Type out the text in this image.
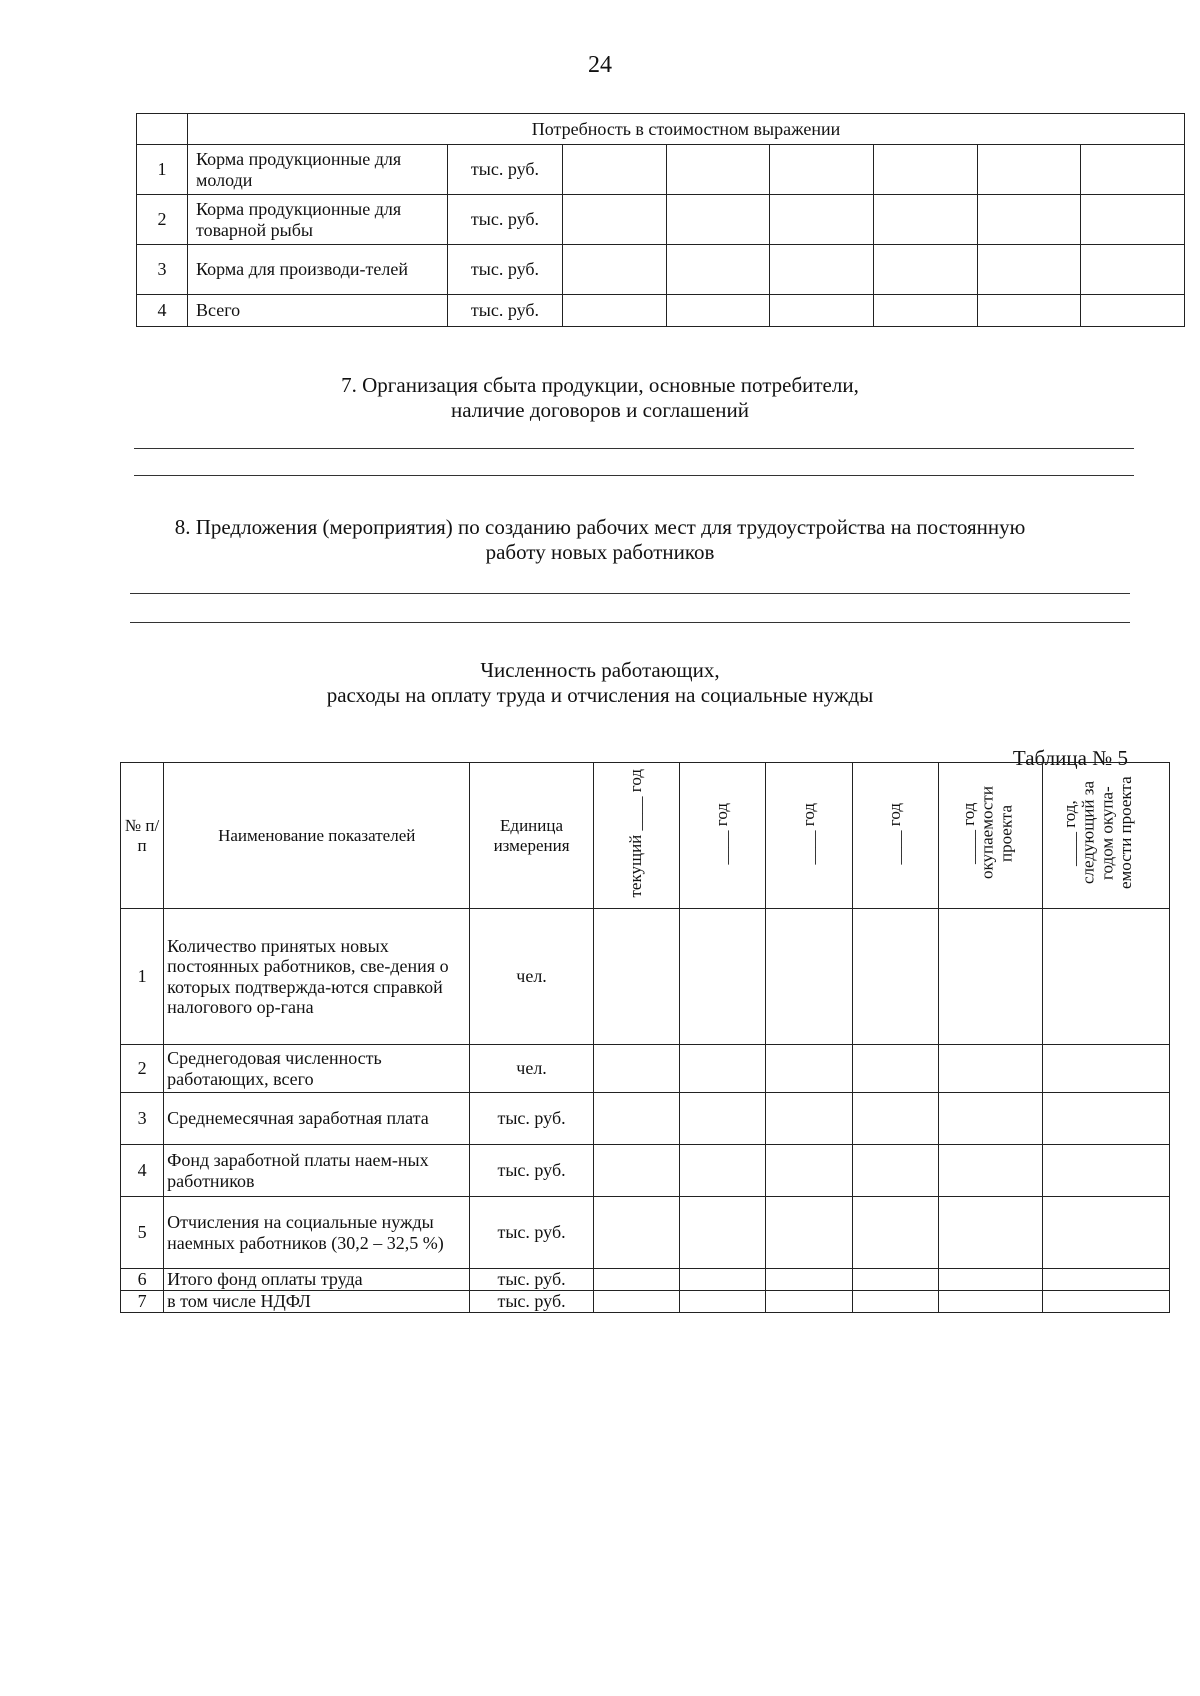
24
	Потребность в стоимостном выражении							
1	Корма продукционные для молоди	тыс. руб.						
2	Корма продукционные для товарной рыбы	тыс. руб.						
3	Корма для производи-телей	тыс. руб.						
4	Всего	тыс. руб.						
7. Организация сбыта продукции, основные потребители,
наличие договоров и соглашений
8. Предложения (мероприятия) по созданию рабочих мест для трудоустройства на постоянную
работу новых работников
Численность работающих,
расходы на оплату труда и отчисления на социальные нужды
Таблица № 5
№ п/п	Наименование показателей	Единица измерения	текущий ____ год	____ год	____ год	____ год	____ год окупаемости проекта	____ год, следующий за годом окупа-емости проекта
1	Количество принятых новых постоянных работников, све-дения о которых подтвержда-ются справкой налогового ор-гана	чел.						
2	Среднегодовая численность работающих, всего	чел.						
3	Среднемесячная заработная плата	тыс. руб.						
4	Фонд заработной платы наем-ных работников	тыс. руб.						
5	Отчисления на социальные нужды наемных работников (30,2 – 32,5 %)	тыс. руб.						
6	Итого фонд оплаты труда	тыс. руб.						
7	в том числе НДФЛ	тыс. руб.						
